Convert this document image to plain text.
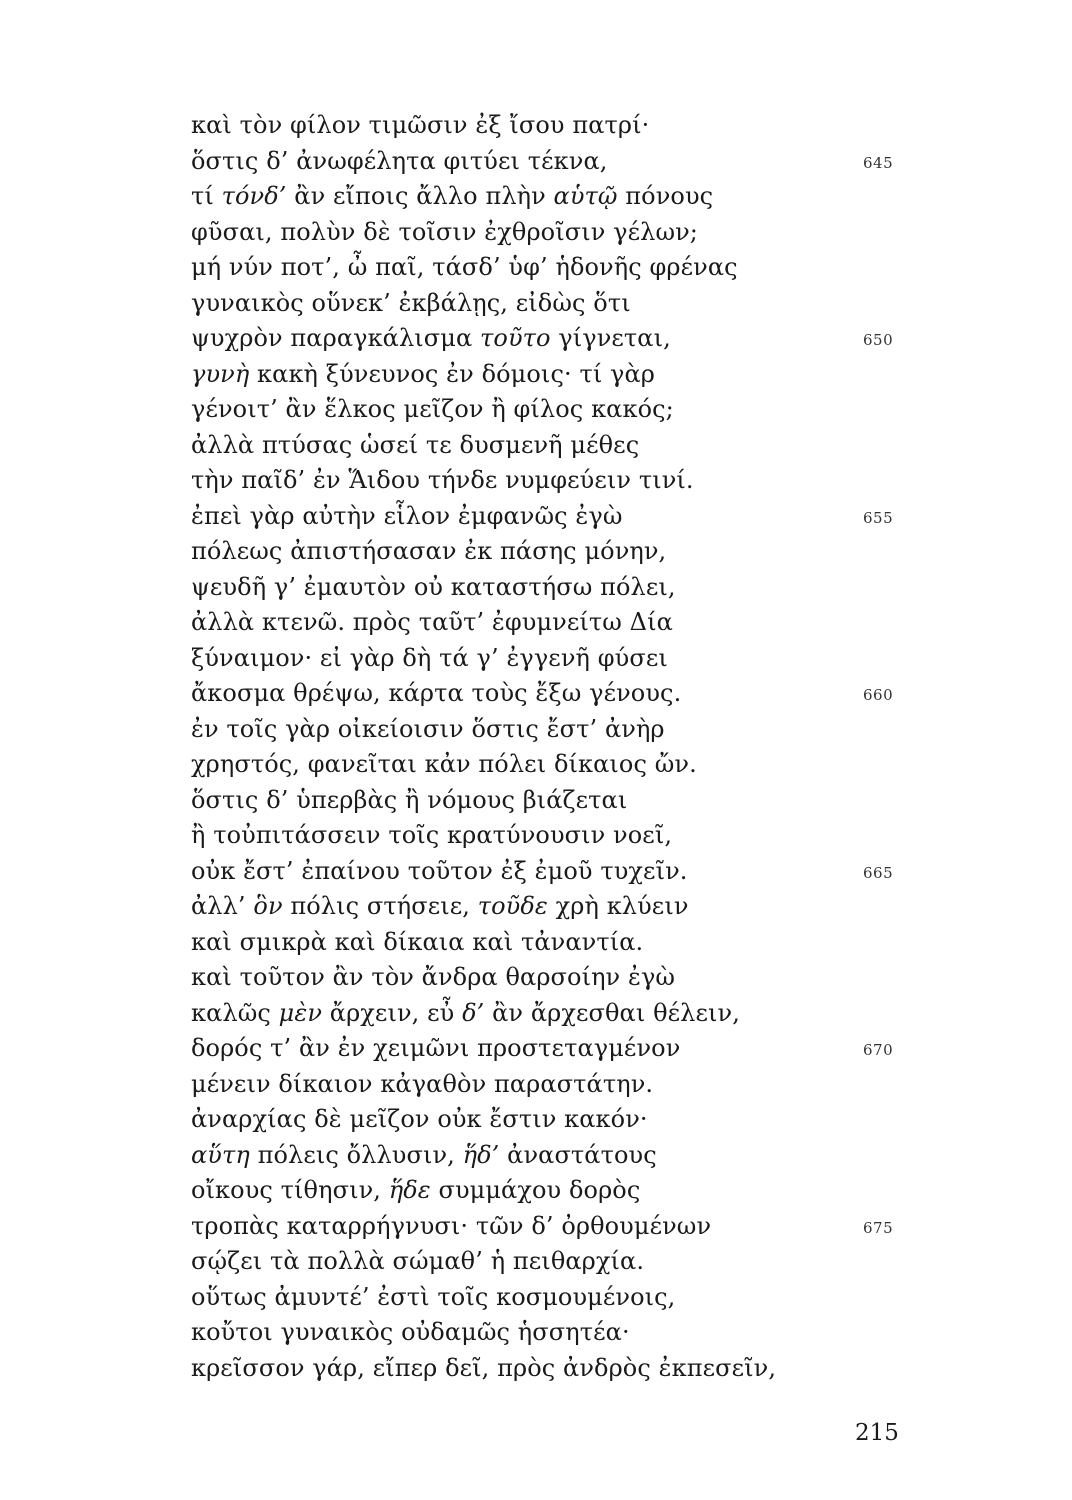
καὶ τὸν φίλον τιμῶσιν ἐξ ἴσου πατρί·
ὅστις δ’ ἀνωφέλητα φιτύει τέκνα,	645
τί τόνδ’ ἂν εἴποις ἄλλο πλὴν αὑτῷ πόνους
φῦσαι, πολὺν δὲ τοῖσιν ἐχθροῖσιν γέλων;
μή νύν ποτ’, ὦ παῖ, τάσδ’ ὑφ’ ἡδονῆς φρένας
γυναικὸς οὕνεκ’ ἐκβάλῃς, εἰδὼς ὅτι
ψυχρὸν παραγκάλισμα τοῦτο γίγνεται,	650
γυνὴ κακὴ ξύνευνος ἐν δόμοις· τί γὰρ
γένοιτ’ ἂν ἕλκος μεῖζον ἢ φίλος κακός;
ἀλλὰ πτύσας ὡσεί τε δυσμενῆ μέθες
τὴν παῖδ’ ἐν Ἅιδου τήνδε νυμφεύειν τινί.
ἐπεὶ γὰρ αὐτὴν εἷλον ἐμφανῶς ἐγὼ	655
πόλεως ἀπιστήσασαν ἐκ πάσης μόνην,
ψευδῆ γ’ ἐμαυτὸν οὐ καταστήσω πόλει,
ἀλλὰ κτενῶ. πρὸς ταῦτ’ ἐφυμνείτω Δία
ξύναιμον· εἰ γὰρ δὴ τά γ’ ἐγγενῆ φύσει
ἄκοσμα θρέψω, κάρτα τοὺς ἔξω γένους.	660
ἐν τοῖς γὰρ οἰκείοισιν ὅστις ἔστ’ ἀνὴρ
χρηστός, φανεῖται κἀν πόλει δίκαιος ὤν.
ὅστις δ’ ὑπερβὰς ἢ νόμους βιάζεται
ἢ τοὐπιτάσσειν τοῖς κρατύνουσιν νοεῖ,
οὐκ ἔστ’ ἐπαίνου τοῦτον ἐξ ἐμοῦ τυχεῖν.	665
ἀλλ’ ὃν πόλις στήσειε, τοῦδε χρὴ κλύειν
καὶ σμικρὰ καὶ δίκαια καὶ τἀναντία.
καὶ τοῦτον ἂν τὸν ἄνδρα θαρσοίην ἐγὼ
καλῶς μὲν ἄρχειν, εὖ δ’ ἂν ἄρχεσθαι θέλειν,
δορός τ’ ἂν ἐν χειμῶνι προστεταγμένον	670
μένειν δίκαιον κἀγαθὸν παραστάτην.
ἀναρχίας δὲ μεῖζον οὐκ ἔστιν κακόν·
αὕτη πόλεις ὄλλυσιν, ἥδ’ ἀναστάτους
οἴκους τίθησιν, ἥδε συμμάχου δορὸς
τροπὰς καταρρήγνυσι· τῶν δ’ ὀρθουμένων	675
σῴζει τὰ πολλὰ σώμαθ’ ἡ πειθαρχία.
οὕτως ἀμυντέ’ ἐστὶ τοῖς κοσμουμένοις,
κοὔτοι γυναικὸς οὐδαμῶς ἡσσητέα·
κρεῖσσον γάρ, εἴπερ δεῖ, πρὸς ἀνδρὸς ἐκπεσεῖν,
215
